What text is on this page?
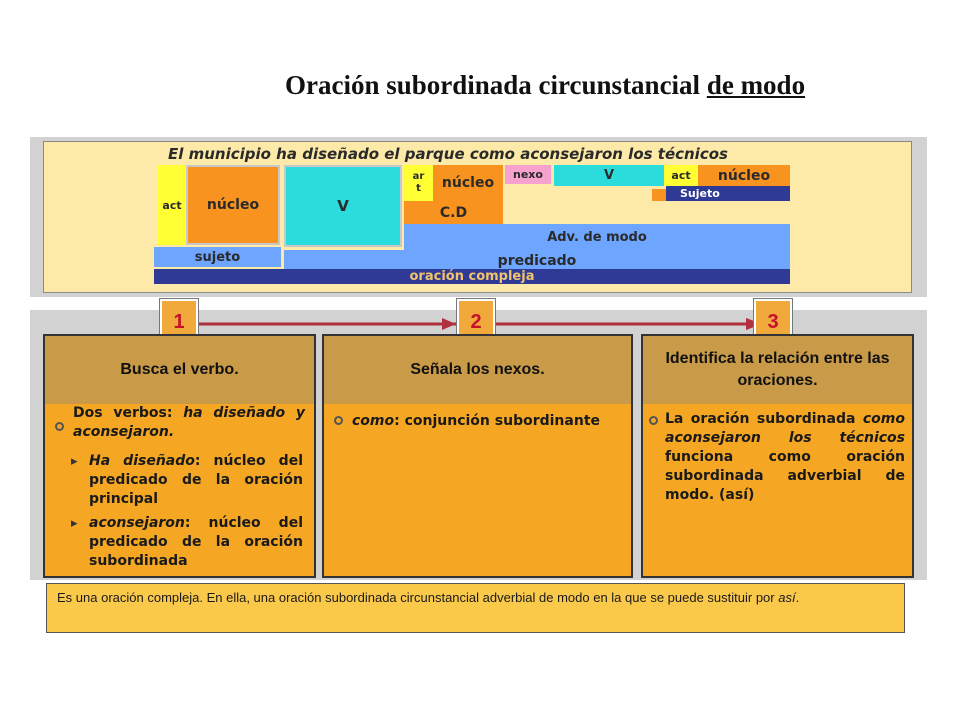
Oración subordinada circunstancial de modo
El municipio ha diseñado el parque como aconsejaron los técnicos
act	núcleo	V
ar t	núcleo
C.D
nexo	V	act	núcleo
Sujeto
Adv. de modo
sujeto	predicado
oración compleja
1	2	3
Busca el verbo.
Dos verbos: ha diseñado y aconsejaron.
▸ Ha diseñado: núcleo del predicado de la oración principal
▸ aconsejaron: núcleo del predicado de la oración subordinada
Señala los nexos.
como: conjunción subordinante
Identifica la relación entre las oraciones.
La oración subordinada como aconsejaron los técnicos funciona como oración subordinada adverbial de modo. (así)
Es una oración compleja. En ella, una oración subordinada circunstancial adverbial de modo en la que se puede sustituir por así.
